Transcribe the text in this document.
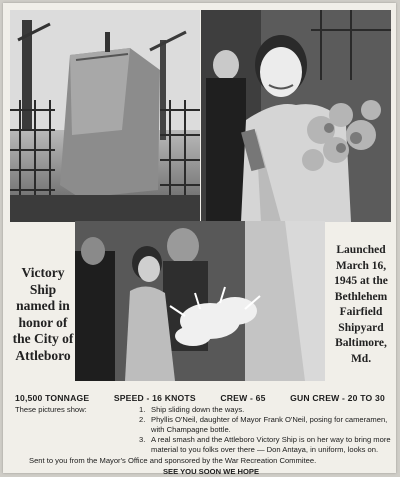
Victory Ship named in honor of the City of Attleboro
Launched March 16, 1945 at the Bethlehem Fairfield Shipyard Baltimore, Md.
10,500 TONNAGE	SPEED - 16 KNOTS	CREW - 65	GUN CREW - 20 TO 30
These pictures show:	1. Ship sliding down the ways.
2. Phyllis O'Neil, daughter of Mayor Frank O'Neil, posing for cameramen,
with Champagne bottle.
3. A real smash and the Attleboro Victory Ship is on her way to bring more
material to you folks over there — Don Antaya, in uniform, looks on.
Sent to you from the Mayor's Office and sponsored by the War Recreation Commitee.
SEE YOU SOON WE HOPE
